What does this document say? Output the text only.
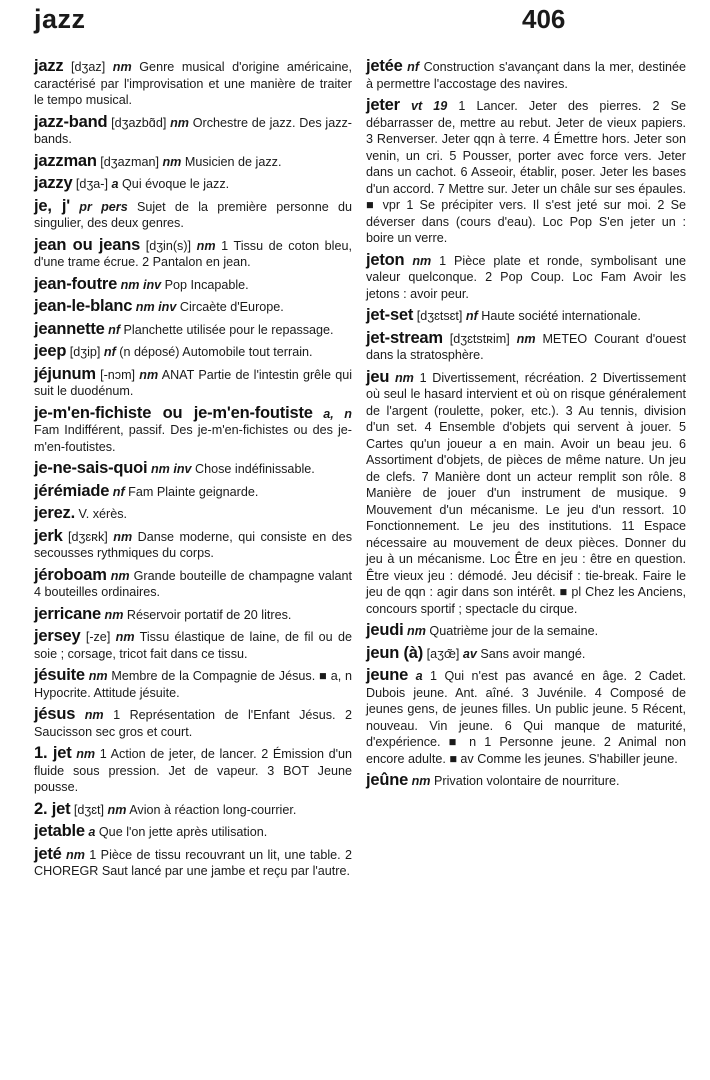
jazz	406

jazz [dʒaz] nm Genre musical d'origine américaine, caractérisé par l'improvisation et une manière de traiter le tempo musical.

jazz-band [dʒazbɑ̃d] nm Orchestre de jazz. Des jazz-bands.

jazzman [dʒazman] nm Musicien de jazz.

jazzy [dʒa-] a Qui évoque le jazz.

je, j' pr pers Sujet de la première personne du singulier, des deux genres.

jean ou jeans [dʒin(s)] nm 1 Tissu de coton bleu, d'une trame écrue. 2 Pantalon en jean.

jean-foutre nm inv Pop Incapable.

jean-le-blanc nm inv Circaète d'Europe.

jeannette nf Planchette utilisée pour le repassage.

jeep [dʒip] nf (n déposé) Automobile tout terrain.

jéjunum [-nɔm] nm ANAT Partie de l'intestin grêle qui suit le duodénum.

je-m'en-fichiste ou je-m'en-foutiste a, n Fam Indifférent, passif. Des je-m'en-fichistes ou des je-m'en-foutistes.

je-ne-sais-quoi nm inv Chose indéfinissable.

jérémiade nf Fam Plainte geignarde.

jerez. V. xérès.

jerk [dʒɛʀk] nm Danse moderne, qui consiste en des secousses rythmiques du corps.

jéroboam nm Grande bouteille de champagne valant 4 bouteilles ordinaires.

jerricane nm Réservoir portatif de 20 litres.

jersey [-ze] nm Tissu élastique de laine, de fil ou de soie ; corsage, tricot fait dans ce tissu.

jésuite nm Membre de la Compagnie de Jésus. ■ a, n Hypocrite. Attitude jésuite.

jésus nm 1 Représentation de l'Enfant Jésus. 2 Saucisson sec gros et court.

1. jet nm 1 Action de jeter, de lancer. 2 Émission d'un fluide sous pression. Jet de vapeur. 3 BOT Jeune pousse.

2. jet [dʒɛt] nm Avion à réaction long-courrier.

jetable a Que l'on jette après utilisation.

jeté nm 1 Pièce de tissu recouvrant un lit, une table. 2 CHOREGR Saut lancé par une jambe et reçu par l'autre.

jetée nf Construction s'avançant dans la mer, destinée à permettre l'accostage des navires.

jeter vt 19 1 Lancer. Jeter des pierres. 2 Se débarrasser de, mettre au rebut. Jeter de vieux papiers. 3 Renverser. Jeter qqn à terre. 4 Émettre hors. Jeter son venin, un cri. 5 Pousser, porter avec force vers. Jeter dans un cachot. 6 Asseoir, établir, poser. Jeter les bases d'un accord. 7 Mettre sur. Jeter un châle sur ses épaules. ■ vpr 1 Se précipiter vers. Il s'est jeté sur moi. 2 Se déverser dans (cours d'eau). Loc Pop S'en jeter un : boire un verre.

jeton nm 1 Pièce plate et ronde, symbolisant une valeur quelconque. 2 Pop Coup. Loc Fam Avoir les jetons : avoir peur.

jet-set [dʒɛtsɛt] nf Haute société internationale.

jet-stream [dʒɛtstʀim] nm METEO Courant d'ouest dans la stratosphère.

jeu nm 1 Divertissement, récréation. 2 Divertissement où seul le hasard intervient et où on risque généralement de l'argent (roulette, poker, etc.). 3 Au tennis, division d'un set. 4 Ensemble d'objets qui servent à jouer. 5 Cartes qu'un joueur a en main. Avoir un beau jeu. 6 Assortiment d'objets, de pièces de même nature. Un jeu de clefs. 7 Manière dont un acteur remplit son rôle. 8 Manière de jouer d'un instrument de musique. 9 Mouvement d'un mécanisme. Le jeu d'un ressort. 10 Fonctionnement. Le jeu des institutions. 11 Espace nécessaire au mouvement de deux pièces. Donner du jeu à un mécanisme. Loc Être en jeu : être en question. Être vieux jeu : démodé. Jeu décisif : tie-break. Faire le jeu de qqn : agir dans son intérêt. ■ pl Chez les Anciens, concours sportif ; spectacle du cirque.

jeudi nm Quatrième jour de la semaine.

jeun (à) [aʒœ̃] av Sans avoir mangé.

jeune a 1 Qui n'est pas avancé en âge. 2 Cadet. Dubois jeune. Ant. aîné. 3 Juvénile. 4 Composé de jeunes gens, de jeunes filles. Un public jeune. 5 Récent, nouveau. Vin jeune. 6 Qui manque de maturité, d'expérience. ■ n 1 Personne jeune. 2 Animal non encore adulte. ■ av Comme les jeunes. S'habiller jeune.

jeûne nm Privation volontaire de nourriture.
